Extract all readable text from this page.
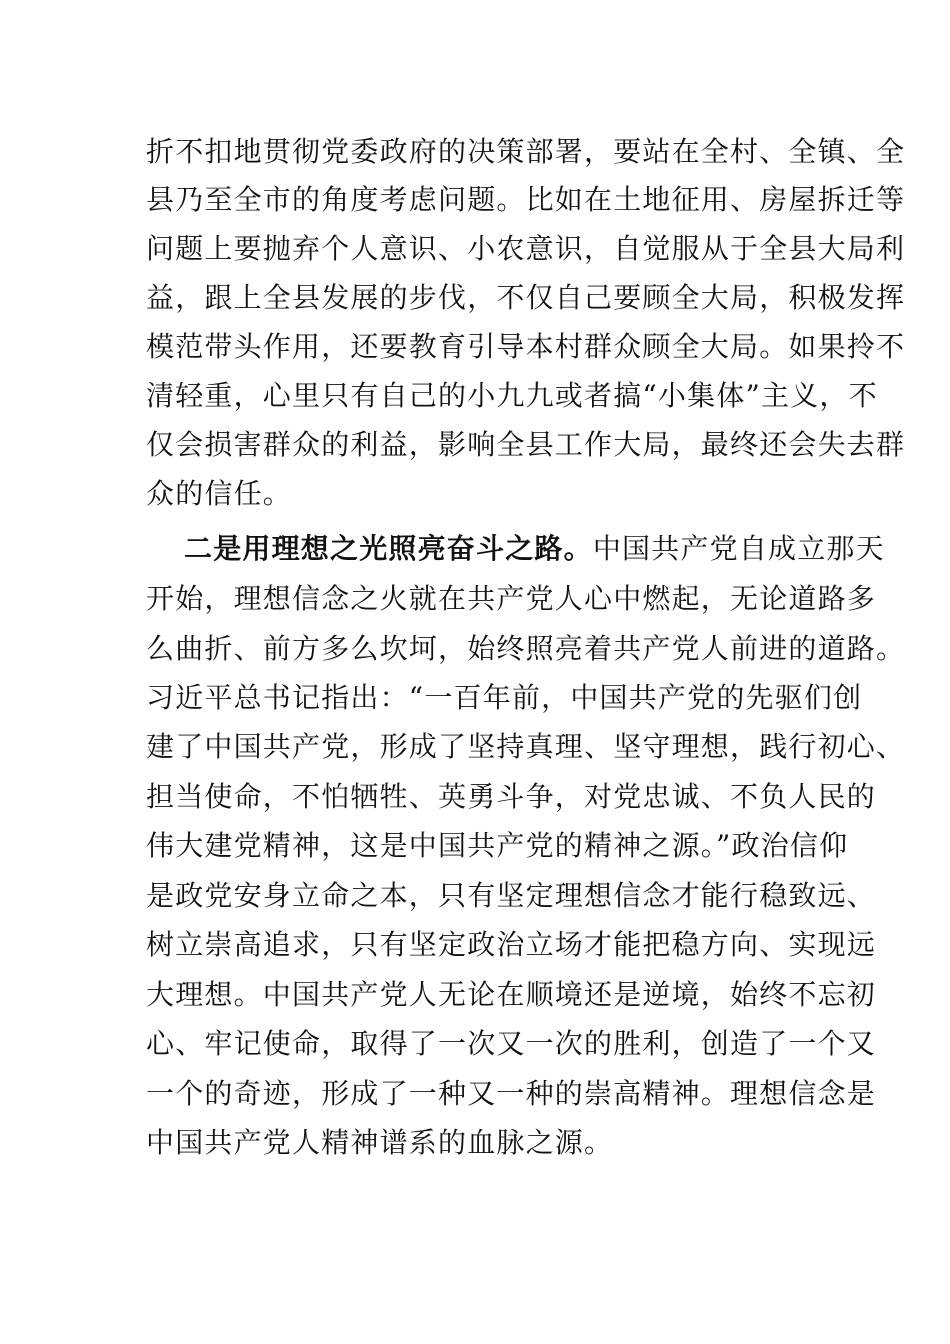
折不扣地贯彻党委政府的决策部署，要站在全村、全镇、全
县乃至全市的角度考虑问题。比如在土地征用、房屋拆迁等
问题上要抛弃个人意识、小农意识，自觉服从于全县大局利
益，跟上全县发展的步伐，不仅自己要顾全大局，积极发挥
模范带头作用，还要教育引导本村群众顾全大局。如果拎不
清轻重，心里只有自己的小九九或者搞“小集体”主义，不
仅会损害群众的利益，影响全县工作大局，最终还会失去群
众的信任。
二是用理想之光照亮奋斗之路。中国共产党自成立那天
开始，理想信念之火就在共产党人心中燃起，无论道路多
么曲折、前方多么坎坷，始终照亮着共产党人前进的道路。
习近平总书记指出：“一百年前，中国共产党的先驱们创
建了中国共产党，形成了坚持真理、坚守理想，践行初心、
担当使命，不怕牺牲、英勇斗争，对党忠诚、不负人民的
伟大建党精神，这是中国共产党的精神之源。”政治信仰
是政党安身立命之本，只有坚定理想信念才能行稳致远、
树立崇高追求，只有坚定政治立场才能把稳方向、实现远
大理想。中国共产党人无论在顺境还是逆境，始终不忘初
心、牢记使命，取得了一次又一次的胜利，创造了一个又
一个的奇迹，形成了一种又一种的崇高精神。理想信念是
中国共产党人精神谱系的血脉之源。
